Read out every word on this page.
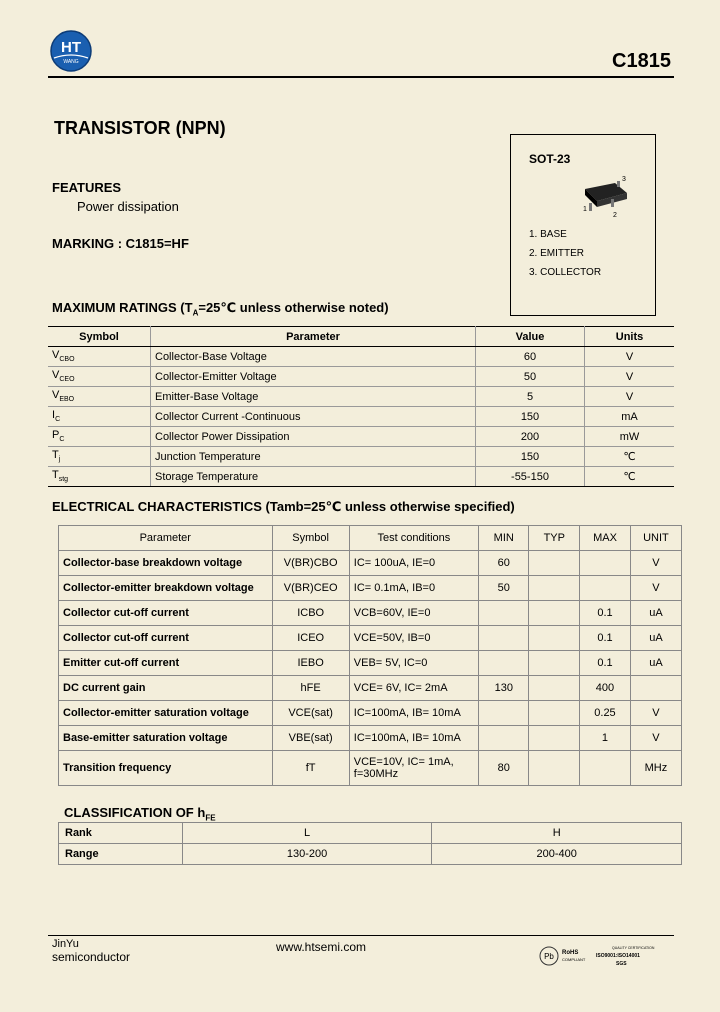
HT
WANG	C1815
TRANSISTOR (NPN)
FEATURES
Power dissipation
MARKING : C1815=HF
SOT-23
3
1
2
1. BASE
2. EMITTER
3. COLLECTOR
MAXIMUM RATINGS ($T_A=25℃$ unless otherwise noted)
Symbol	Parameter	Value	Units
$V_{CBO}$	Collector-Base Voltage	60	V
$V_{CEO}$	Collector-Emitter Voltage	50	V
$V_{EBO}$	Emitter-Base Voltage	5	V
$I_C$	Collector Current -Continuous	150	mA
$P_C$	Collector Power Dissipation	200	mW
$T_j$	Junction Temperature	150	℃
$T_{stg}$	Storage Temperature	-55-150	℃
ELECTRICAL CHARACTERISTICS (Tamb=25℃ unless otherwise specified)
Parameter	Symbol	Test conditions	MIN	TYP	MAX	UNIT
Collector-base breakdown voltage	V(BR)CBO	IC= 100uA, IE=0	60			V
Collector-emitter breakdown voltage	V(BR)CEO	IC= 0.1mA, IB=0	50			V
Collector cut-off current	ICBO	VCB=60V, IE=0			0.1	uA
Collector cut-off current	ICEO	VCE=50V, IB=0			0.1	uA
Emitter cut-off current	IEBO	VEB= 5V, IC=0			0.1	uA
DC current gain	hFE	VCE= 6V, IC= 2mA	130		400	
Collector-emitter saturation voltage	VCE(sat)	IC=100mA, IB= 10mA			0.25	V
Base-emitter saturation voltage	VBE(sat)	IC=100mA, IB= 10mA			1	V
Transition frequency	fT	VCE=10V, IC= 1mA,
f=30MHz	80			MHz
CLASSIFICATION OF $h_{FE}$
Rank	L	H
Range	130-200	200-400
JinYu
semiconductor
www.htsemi.com
Pb RoHS
COMPLIANT
QUALITY CERTIFICATION
ISO9001:ISO14001
SGS
